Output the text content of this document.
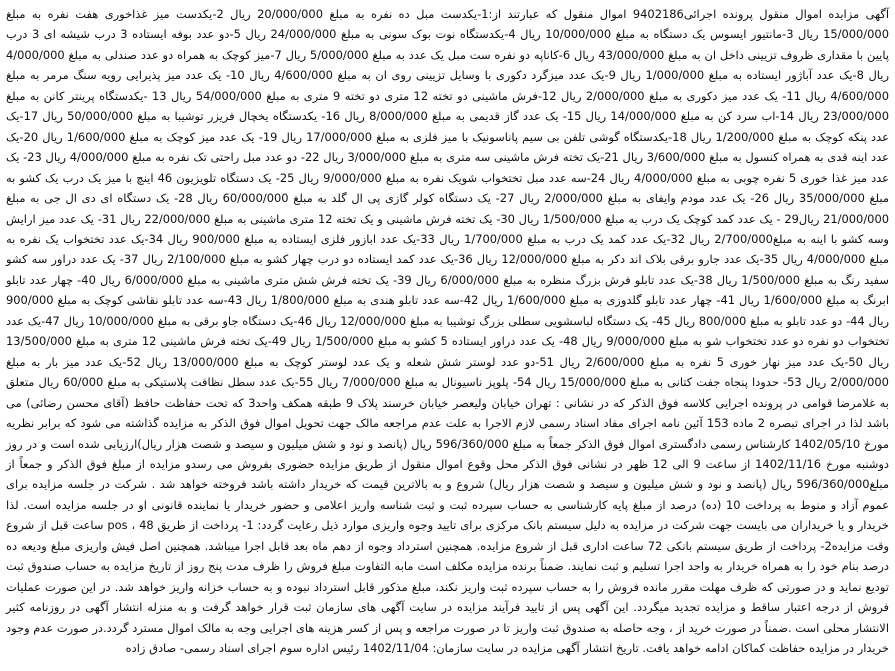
آگهی مزایده اموال منقول پرونده اجرائی9402186 اموال منقول که عبارتند از:1-یکدست مبل ده نفره به مبلغ 20/000/000 ریال 2-یکدست میز غذاخوری هفت نفره به مبلغ 15/000/000 ریال 3-مانتیور ایسوس یک دستگاه به مبلغ 10/000/000 ریال 4-یکدستگاه نوت بوک سونی به مبلغ 24/000/000 ریال 5-دو عدد بوفه ایستاده 3 درب شیشه ای 3 درب پایین با مقداری ظروف تزیینی داخل ان به مبلغ 43/000/000 ریال 6-کاناپه دو نفره ست مبل یک عدد به مبلغ 5/000/000 ریال 7-میز کوچک به همراه دو عدد صندلی به مبلغ 4/000/000 ریال 8-یک عدد آباژور ایستاده به مبلغ 1/000/000 ریال 9-یک عدد میزگرد دکوری با وسایل تزیینی روی ان به مبلغ 4/600/000 ریال 10- یک عدد میز پذیرایی رویه سنگ مرمر به مبلغ 4/600/000 ریال 11- یک عدد میز دکوری به مبلغ 2/000/000 ریال 12-فرش ماشینی دو تخته 12 متری دو تخته 9 متری به مبلغ 54/000/000 ریال 13 -یکدستگاه پرینتر کانن به مبلغ 23/000/000 ریال 14-اب سرد کن به مبلغ 14/000/000 ریال 15- یک عدد گاز قدیمی به مبلغ 8/000/000 ریال 16- یکدستگاه یخچال فریزر توشیبا به مبلغ 50/000/000 ریال 17-یک عدد پنکه کوچک به مبلغ 1/200/000 ریال 18-یکدستگاه گوشی تلفن بی سیم پاناسونیک با میز فلزی به مبلغ 17/000/000 ریال 19- یک عدد میز کوچک به مبلغ 1/600/000 ریال 20-یک عدد اینه قدی به همراه کنسول به مبلغ 3/600/000 ریال 21-یک تخته فرش ماشینی سه متری به مبلغ 3/000/000 ریال 22- دو عدد مبل راحتی تک نفره به مبلغ 4/000/000 ریال 23- یک عدد میز غذا خوری 5 نفره چوبی به مبلغ 4/000/000 ریال 24-سه عدد مبل تختخواب شویک نفره به مبلغ 9/000/000 ریال 25- یک دستگاه تلویزیون 46 اینچ با میز یک درب یک کشو به مبلغ 35/000/000 ریال 26- یک عدد مودم وایفای به مبلغ 2/000/000 ریال 27- یک دستگاه کولر گازی پی ال گلد به مبلغ 60/000/000 ریال 28- یک دستگاه ای دی ال جی به مبلغ 21/000/000 ریال29 - یک عدد کمد کوچک یک درب به مبلغ 1/500/000 ریال 30- یک تخته فرش ماشینی و یک تخته 12 متری ماشینی به مبلغ 22/000/000 ریال 31- یک عدد میز ارایش وسه کشو با اینه به مبلغ2/700/000 ریال 32-یک عدد کمد یک درب به مبلغ 1/700/000 ریال 33-یک عدد ابازور فلزی ایستاده به مبلغ 900/000 ریال 34-یک عدد تختخواب یک نفره به مبلغ 4/000/000 ریال 35-یک عدد جارو برقی بلاک اند دکر به مبلغ 12/000/000 ریال 36-یک عدد کمد ایستاده دو درب چهار کشو به مبلغ 2/100/000 ریال 37- یک عدد دراور سه کشو سفید رنگ به مبلغ 1/500/000 ریال 38-یک عدد تابلو فرش بزرگ منظره به مبلغ 6/000/000 ریال 39- یک تخته فرش شش متری ماشینی به مبلغ 6/000/000 ریال 40- چهار عدد تابلو ابرنگ به مبلغ 1/600/000 ریال 41- چهار عدد تابلو گلدوزی به مبلغ 1/600/000 ریال 42-سه عدد تابلو هندی به مبلغ 1/800/000 ریال 43-سه عدد تابلو نقاشی کوچک به مبلغ 900/000 ریال 44- دو عدد تابلو به مبلغ 800/000 ریال 45- یک دستگاه لباسشویی سطلی بزرگ توشیبا به مبلغ 12/000/000 ریال 46-یک دستگاه جاو برقی به مبلغ 10/000/000 ریال 47-یک عدد تختخواب دو نفره دو عدد تختخواب شو به مبلغ 9/000/000 ریال 48- یک عدد دراور ایستاده 5 کشو به مبلغ 1/500/000 ریال 49-یک تخته فرش ماشینی 12 متری به مبلغ 13/500/000 ریال 50-یک عدد میز نهار خوری 5 نفره به مبلغ 2/600/000 ریال 51-دو عدد لوستر شش شعله و یک عدد لوستر کوچک به مبلغ 13/000/000 ریال 52-یک عدد میز بار به مبلغ 2/000/000 ریال 53- حدودا پنجاه جفت کتانی به مبلغ 15/000/000 ریال 54- پلوپز ناسیونال به مبلغ 7/000/000 ریال 55-یک عدد سطل نظافت پلاستیکی به مبلغ 60/000 ریال متعلق به غلامرضا قوامی در پرونده اجرایی کلاسه فوق الذکر که در نشانی : تهران خیابان ولیعصر خیابان خرسند پلاک 9 طبقه همکف واحد3 که تحت حفاظت حافظ (آقای محسن رضائی) می باشد لذا در اجرای تبصره 2 ماده 153 آئین نامه اجرای مفاد اسناد رسمی لازم الاجرا به علت عدم مراجعه مالک جهت تحویل اموال فوق الذکر به مزایده گذاشته می شود که برابر نظریه مورخ 1402/05/10 کارشناس رسمی دادگستری اموال فوق الذکر جمعاً به مبلغ 596/360/000 ریال (پانصد و نود و شش میلیون و سیصد و شصت هزار ریال)ارزیابی شده است و در روز دوشنبه مورخ 1402/11/16 از ساعت 9 الی 12 ظهر در نشانی فوق الذکر محل وقوع اموال منقول از طریق مزایده حضوری بفروش می رسدو مزایده از مبلغ فوق الذکر و جمعاً از مبلغ596/360/000 ریال (پانصد و نود و شش میلیون و سیصد و شصت هزار ریال) شروع و به بالاترین قیمت که خریدار داشته باشد فروخته خواهد شد . شرکت در جلسه مزایده برای عموم آزاد و منوط به پرداخت 10 (ده) درصد از مبلغ پایه کارشناسی به حساب سپرده ثبت و ثبت شناسه واریز اعلامی و حضور خریدار یا نماینده قانونی او در جلسه مزایده است. لذا خریدار و یا خریداران می بایست جهت شرکت در مزایده به دلیل سیستم بانک مرکزی برای تایید وجوه واریزی موارد ذیل رعایت گردد: 1- پرداخت از طریق 48 ، pos ساعت قبل از شروع وقت مزایده2- پرداخت از طریق سیستم بانکی 72 ساعت اداری قبل از شروع مزایده. همچنین استرداد وجوه از دهم ماه بعد قابل اجرا میباشد. همچنین اصل فیش واریزی مبلغ ودیعه ده درصد بنام خود را به همراه خریدار به واحد اجرا تسلیم و ثبت نمایند. ضمناً برنده مزایده مکلف است مابه التفاوت مبلغ فروش را ظرف مدت پنج روز از تاریخ مزایده به حساب صندوق ثبت تودیع نماید و در صورتی که ظرف مهلت مقرر مانده فروش را به حساب سپرده ثبت واریز نکند، مبلغ مذکور قابل استرداد نبوده و به حساب خزانه واریز خواهد شد. در این صورت عملیات فروش از درجه اعتبار ساقط و مزایده تجدید میگردد. این آگهی پس از تایید فرآیند مزایده در سایت آگهی های سازمان ثبت قرار خواهد گرفت و به منزله انتشار آگهی در روزنامه کثیر الانتشار محلی است .ضمناً در صورت خرید از ، وجه حاصله به صندوق ثبت واریز تا در صورت مراجعه و پس از کسر هزینه های اجرایی وجه به مالک اموال مسترد گردد.در صورت عدم وجود خریدار در مزایده حفاظت کماکان ادامه خواهد یافت. تاریخ انتشار آگهی مزایده در سایت سازمان: 1402/11/04 رئیس اداره سوم اجرای اسناد رسمی- صادق زاده
